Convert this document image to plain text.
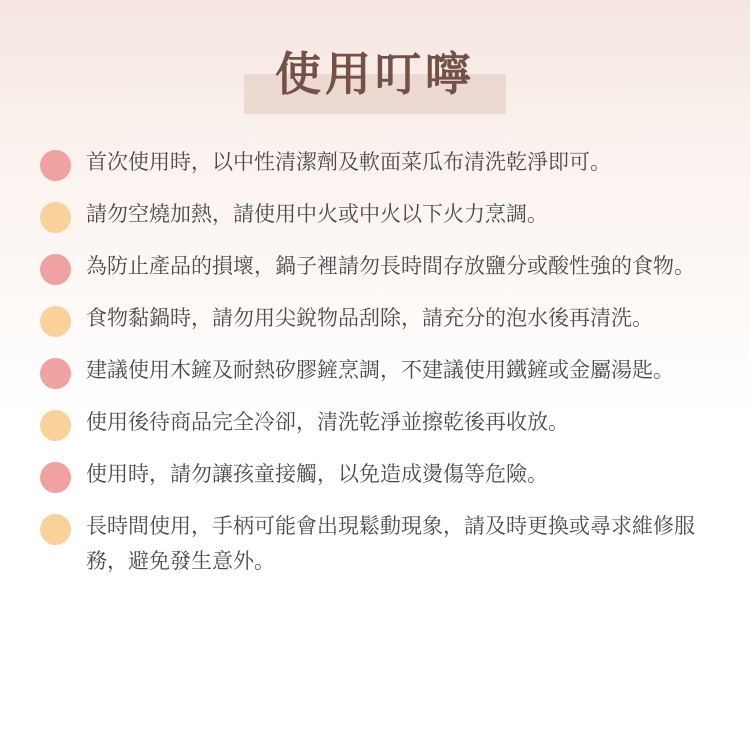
使用叮嚀
首次使用時，以中性清潔劑及軟面菜瓜布清洗乾淨即可。
請勿空燒加熱，請使用中火或中火以下火力烹調。
為防止產品的損壞，鍋子裡請勿長時間存放鹽分或酸性強的食物。
食物黏鍋時，請勿用尖銳物品刮除，請充分的泡水後再清洗。
建議使用木鏟及耐熱矽膠鏟烹調，不建議使用鐵鏟或金屬湯匙。
使用後待商品完全冷卻，清洗乾淨並擦乾後再收放。
使用時，請勿讓孩童接觸，以免造成燙傷等危險。
長時間使用，手柄可能會出現鬆動現象，請及時更換或尋求維修服務，避免發生意外。
